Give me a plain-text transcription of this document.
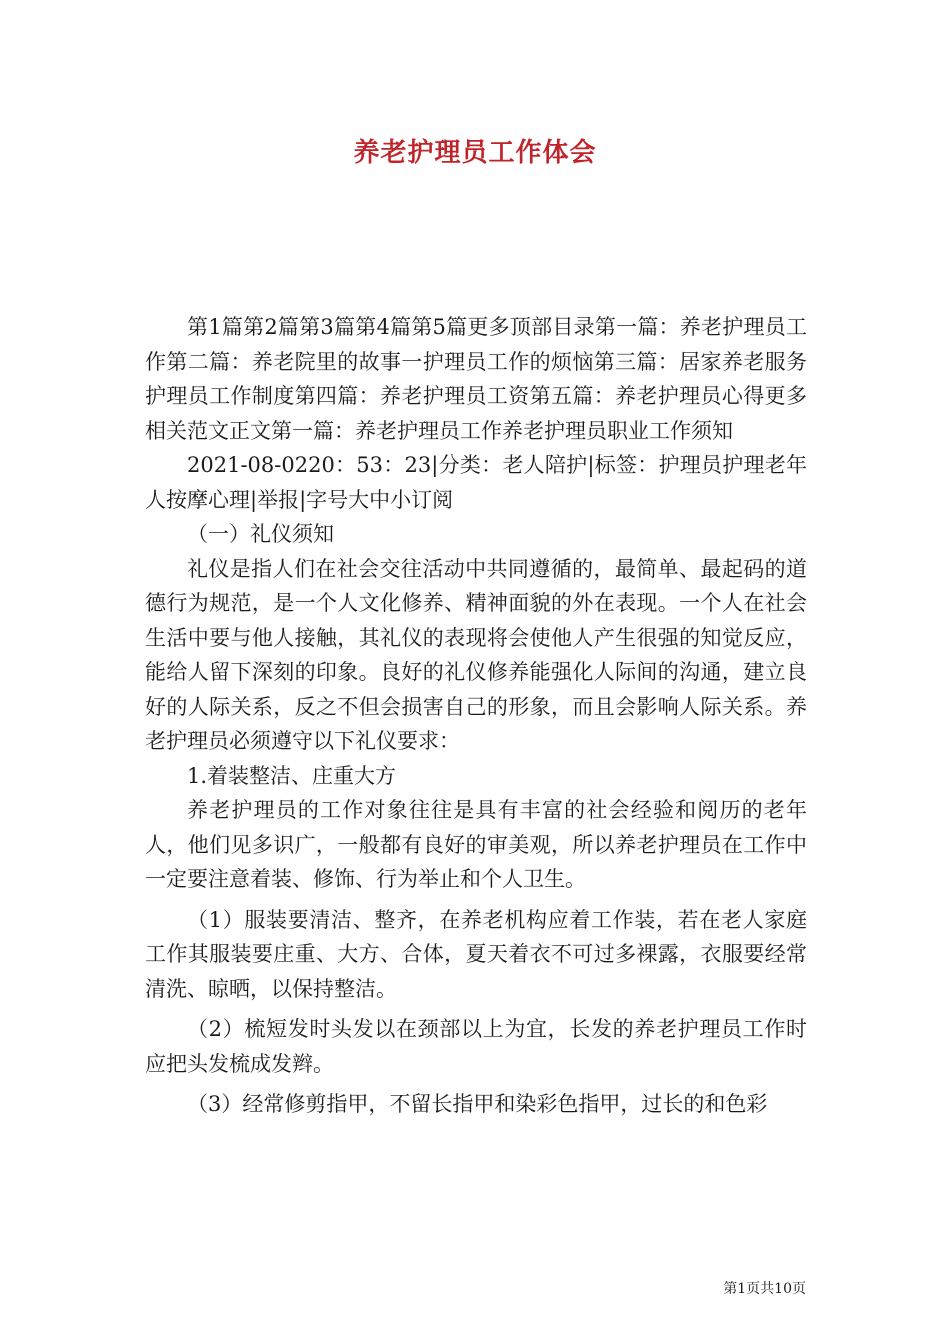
养老护理员工作体会

第1篇第2篇第3篇第4篇第5篇更多顶部目录第一篇：养老护理员工作第二篇：养老院里的故事一护理员工作的烦恼第三篇：居家养老服务护理员工作制度第四篇：养老护理员工资第五篇：养老护理员心得更多相关范文正文第一篇：养老护理员工作养老护理员职业工作须知

2021-08-0220：53：23|分类：老人陪护|标签：护理员护理老年人按摩心理|举报|字号大中小订阅

（一）礼仪须知

礼仪是指人们在社会交往活动中共同遵循的，最简单、最起码的道德行为规范，是一个人文化修养、精神面貌的外在表现。一个人在社会生活中要与他人接触，其礼仪的表现将会使他人产生很强的知觉反应，能给人留下深刻的印象。良好的礼仪修养能强化人际间的沟通，建立良好的人际关系，反之不但会损害自己的形象，而且会影响人际关系。养老护理员必须遵守以下礼仪要求：

1.着装整洁、庄重大方

养老护理员的工作对象往往是具有丰富的社会经验和阅历的老年人，他们见多识广，一般都有良好的审美观，所以养老护理员在工作中一定要注意着装、修饰、行为举止和个人卫生。

（1）服装要清洁、整齐，在养老机构应着工作装，若在老人家庭工作其服装要庄重、大方、合体，夏天着衣不可过多裸露，衣服要经常清洗、晾晒，以保持整洁。

（2）梳短发时头发以在颈部以上为宜，长发的养老护理员工作时应把头发梳成发辫。

（3）经常修剪指甲，不留长指甲和染彩色指甲，过长的和色彩

第1页共10页
